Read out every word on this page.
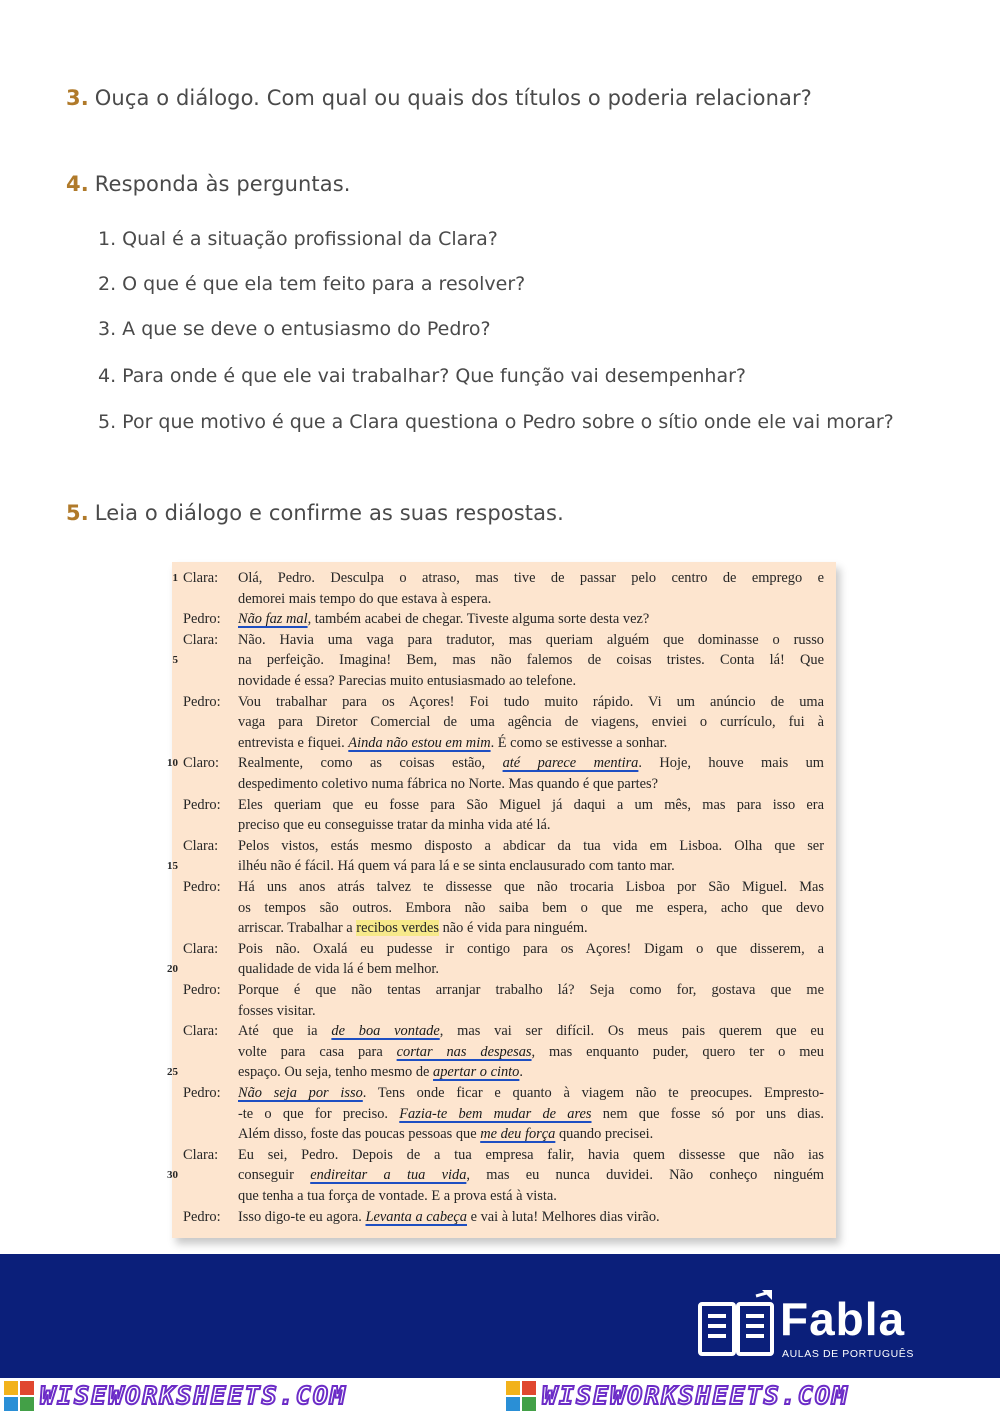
3. Ouça o diálogo. Com qual ou quais dos títulos o poderia relacionar?
4. Responda às perguntas.
1. Qual é a situação profissional da Clara?
2. O que é que ela tem feito para a resolver?
3. A que se deve o entusiasmo do Pedro?
4. Para onde é que ele vai trabalhar? Que função vai desempenhar?
5. Por que motivo é que a Clara questiona o Pedro sobre o sítio onde ele vai morar?
5. Leia o diálogo e confirme as suas respostas.
1 Clara: Olá, Pedro. Desculpa o atraso, mas tive de passar pelo centro de emprego e
demorei mais tempo do que estava à espera.
Pedro: Não faz mal, também acabei de chegar. Tiveste alguma sorte desta vez?
Clara: Não. Havia uma vaga para tradutor, mas queriam alguém que dominasse o russo
5	na perfeição. Imagina! Bem, mas não falemos de coisas tristes. Conta lá! Que
novidade é essa? Parecias muito entusiasmado ao telefone.
Pedro: Vou trabalhar para os Açores! Foi tudo muito rápido. Vi um anúncio de uma
vaga para Diretor Comercial de uma agência de viagens, enviei o currículo, fui à
entrevista e fiquei. Ainda não estou em mim. É como se estivesse a sonhar.
10 Claro: Realmente, como as coisas estão, até parece mentira. Hoje, houve mais um
despedimento coletivo numa fábrica no Norte. Mas quando é que partes?
Pedro: Eles queriam que eu fosse para São Miguel já daqui a um mês, mas para isso era
preciso que eu conseguisse tratar da minha vida até lá.
Clara: Pelos vistos, estás mesmo disposto a abdicar da tua vida em Lisboa. Olha que ser
15	ilhéu não é fácil. Há quem vá para lá e se sinta enclausurado com tanto mar.
Pedro: Há uns anos atrás talvez te dissesse que não trocaria Lisboa por São Miguel. Mas
os tempos são outros. Embora não saiba bem o que me espera, acho que devo
arriscar. Trabalhar a recibos verdes não é vida para ninguém.
Clara: Pois não. Oxalá eu pudesse ir contigo para os Açores! Digam o que disserem, a
20	qualidade de vida lá é bem melhor.
Pedro: Porque é que não tentas arranjar trabalho lá? Seja como for, gostava que me
fosses visitar.
Clara: Até que ia de boa vontade, mas vai ser difícil. Os meus pais querem que eu
volte para casa para cortar nas despesas, mas enquanto puder, quero ter o meu
25	espaço. Ou seja, tenho mesmo de apertar o cinto.
Pedro: Não seja por isso. Tens onde ficar e quanto à viagem não te preocupes. Empresto-
-te o que for preciso. Fazia-te bem mudar de ares nem que fosse só por uns dias.
Além disso, foste das poucas pessoas que me deu força quando precisei.
Clara: Eu sei, Pedro. Depois de a tua empresa falir, havia quem dissesse que não ias
30	conseguir endireitar a tua vida, mas eu nunca duvidei. Não conheço ninguém
que tenha a tua força de vontade. E a prova está à vista.
Pedro: Isso digo-te eu agora. Levanta a cabeça e vai à luta! Melhores dias virão.
Fabla
AULAS DE PORTUGUÊS
WISEWORKSHEETS.COM	WISEWORKSHEETS.COM
